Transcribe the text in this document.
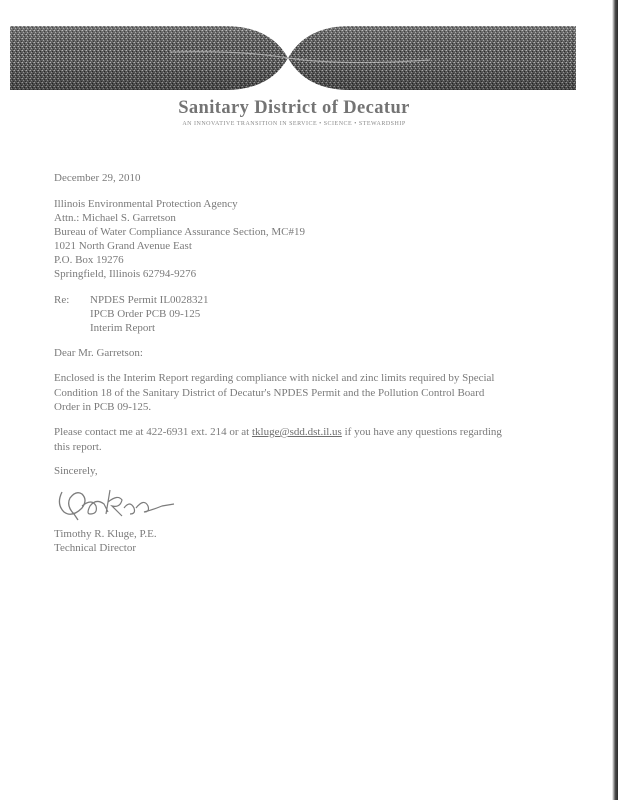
Sanitary District of Decatur

AN INNOVATIVE TRANSITION IN SERVICE • SCIENCE • STEWARDSHIP

December 29, 2010
Illinois Environmental Protection Agency
Attn.: Michael S. Garretson
Bureau of Water Compliance Assurance Section, MC#19
1021 North Grand Avenue East
P.O. Box 19276
Springfield, Illinois 62794-9276
Re: NPDES Permit IL0028321
IPCB Order PCB 09-125
Interim Report
Dear Mr. Garretson:

Enclosed is the Interim Report regarding compliance with nickel and zinc limits required by Special Condition 18 of the Sanitary District of Decatur's NPDES Permit and the Pollution Control Board Order in PCB 09-125.

Please contact me at 422-6931 ext. 214 or at tkluge@sdd.dst.il.us if you have any questions regarding this report.

Sincerely,
Timothy R. Kluge, P.E.
Technical Director
